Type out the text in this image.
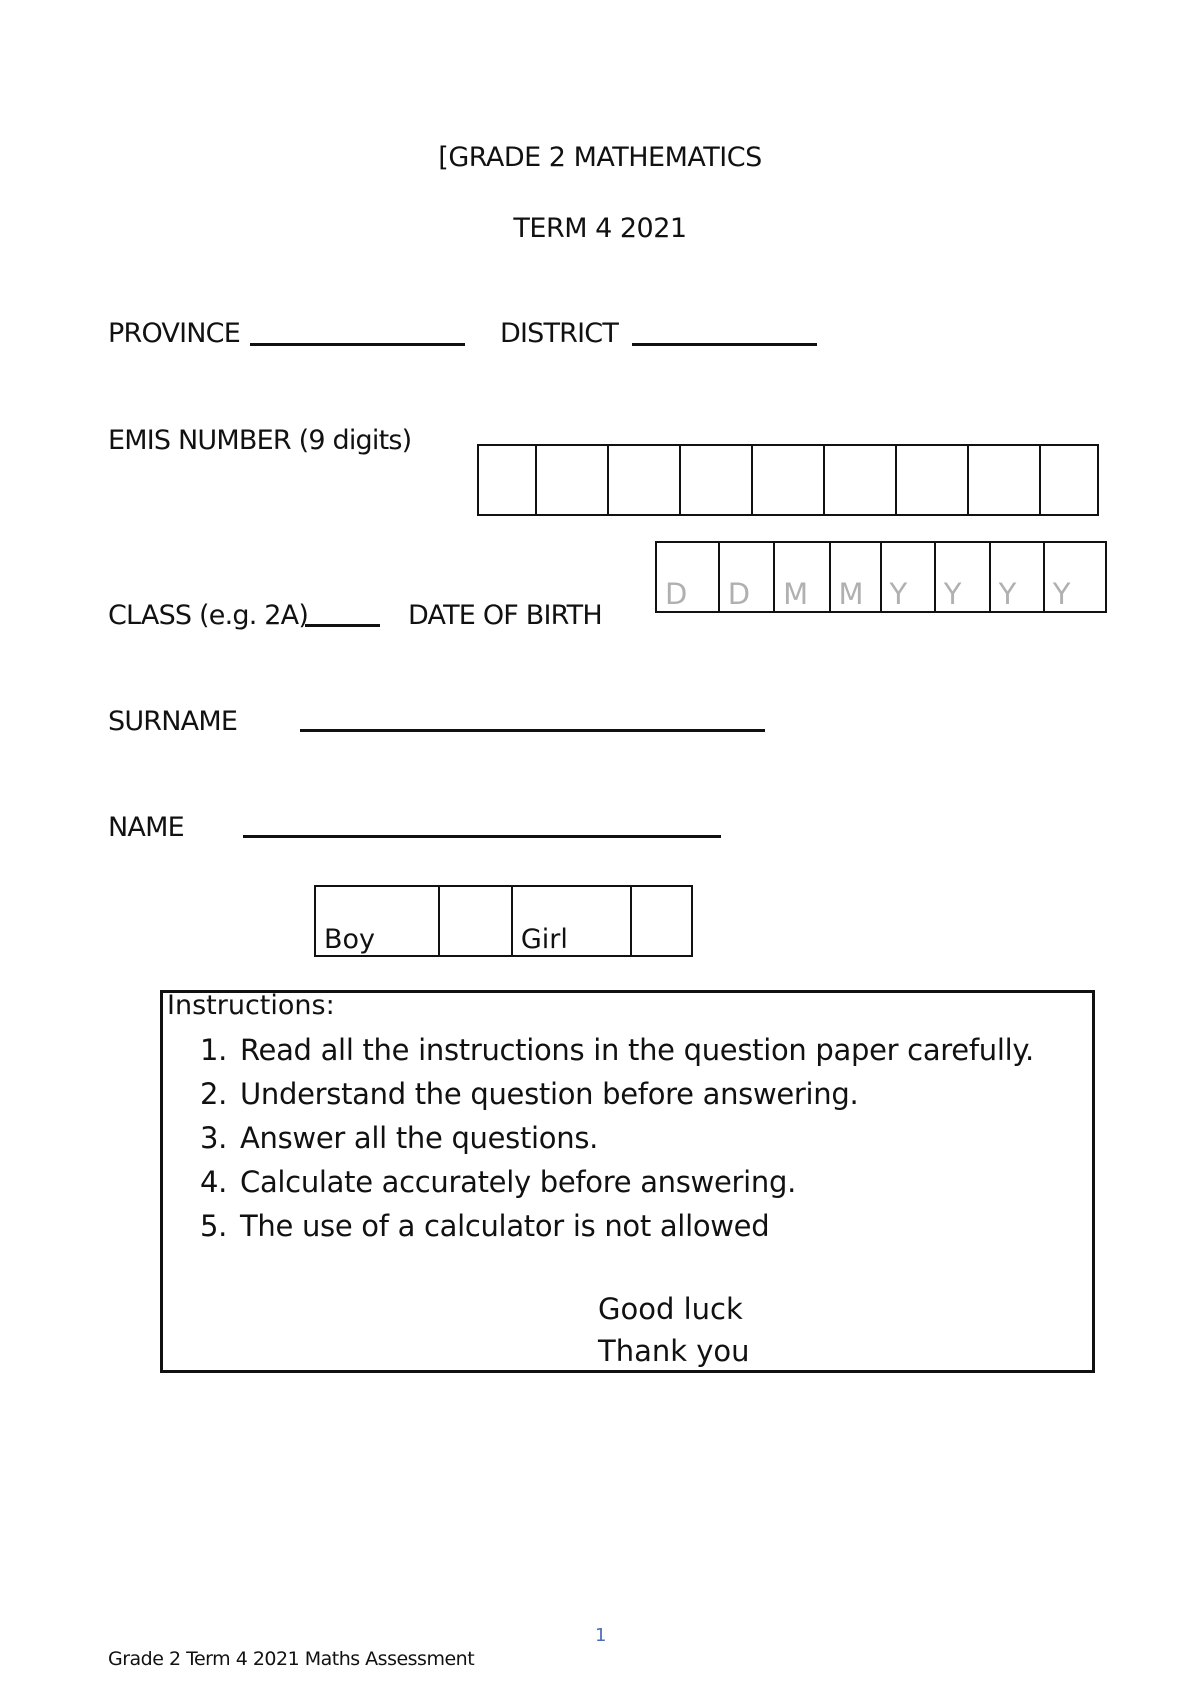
[GRADE 2 MATHEMATICS
TERM 4 2021
PROVINCE	DISTRICT
EMIS NUMBER (9 digits)

CLASS (e.g. 2A)	DATE OF BIRTH
D	D	M	M	Y	Y	Y	Y
SURNAME
NAME
Boy		Girl	
Instructions:
1. Read all the instructions in the question paper carefully.
2. Understand the question before answering.
3. Answer all the questions.
4. Calculate accurately before answering.
5. The use of a calculator is not allowed
Good luck
Thank you
1
Grade 2 Term 4 2021 Maths Assessment
